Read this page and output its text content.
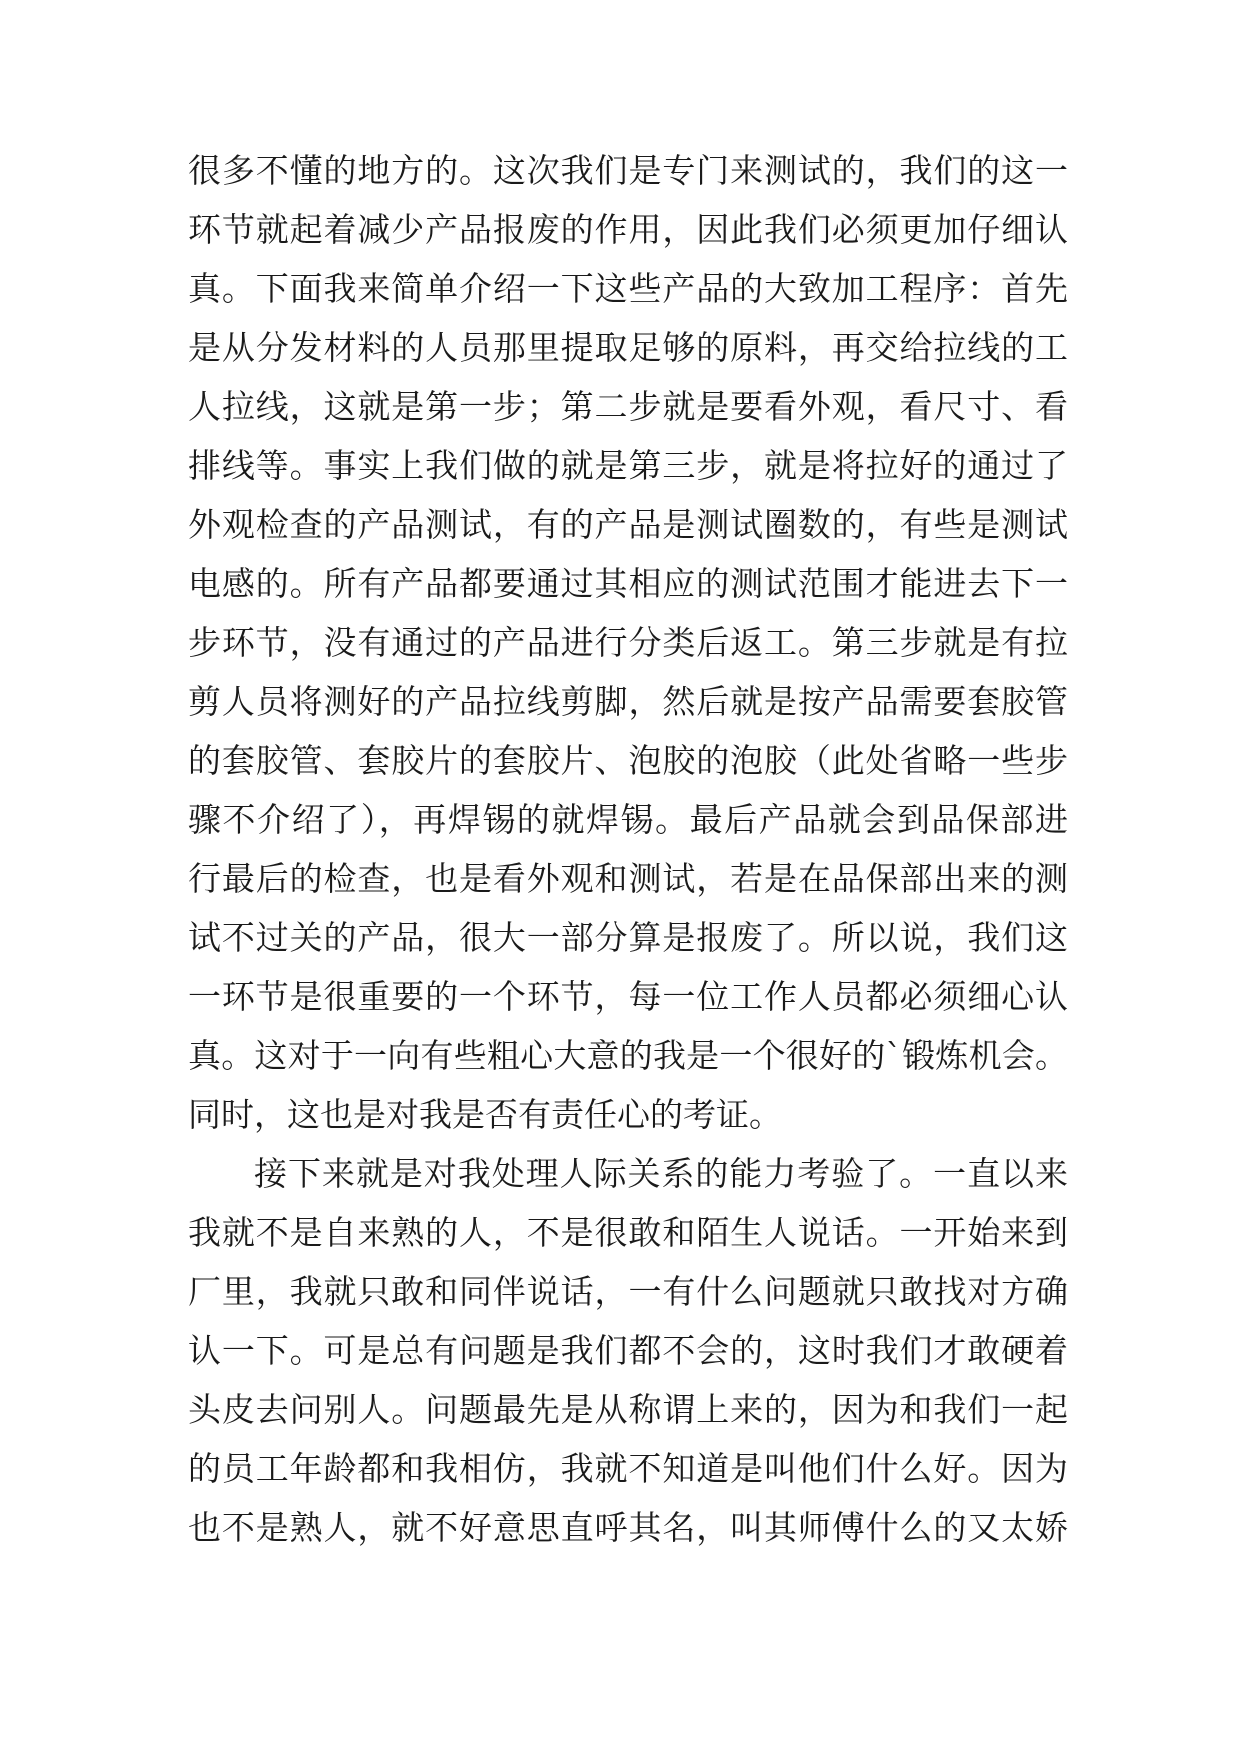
很多不懂的地方的。这次我们是专门来测试的，我们的这一
环节就起着减少产品报废的作用，因此我们必须更加仔细认
真。下面我来简单介绍一下这些产品的大致加工程序：首先
是从分发材料的人员那里提取足够的原料，再交给拉线的工
人拉线，这就是第一步；第二步就是要看外观，看尺寸、看
排线等。事实上我们做的就是第三步，就是将拉好的通过了
外观检查的产品测试，有的产品是测试圈数的，有些是测试
电感的。所有产品都要通过其相应的测试范围才能进去下一
步环节，没有通过的产品进行分类后返工。第三步就是有拉
剪人员将测好的产品拉线剪脚，然后就是按产品需要套胶管
的套胶管、套胶片的套胶片、泡胶的泡胶（此处省略一些步
骤不介绍了），再焊锡的就焊锡。最后产品就会到品保部进
行最后的检查，也是看外观和测试，若是在品保部出来的测
试不过关的产品，很大一部分算是报废了。所以说，我们这
一环节是很重要的一个环节，每一位工作人员都必须细心认
真。这对于一向有些粗心大意的我是一个很好的`锻炼机会。
同时，这也是对我是否有责任心的考证。
接下来就是对我处理人际关系的能力考验了。一直以来
我就不是自来熟的人，不是很敢和陌生人说话。一开始来到
厂里，我就只敢和同伴说话，一有什么问题就只敢找对方确
认一下。可是总有问题是我们都不会的，这时我们才敢硬着
头皮去问别人。问题最先是从称谓上来的，因为和我们一起
的员工年龄都和我相仿，我就不知道是叫他们什么好。因为
也不是熟人，就不好意思直呼其名，叫其师傅什么的又太娇
